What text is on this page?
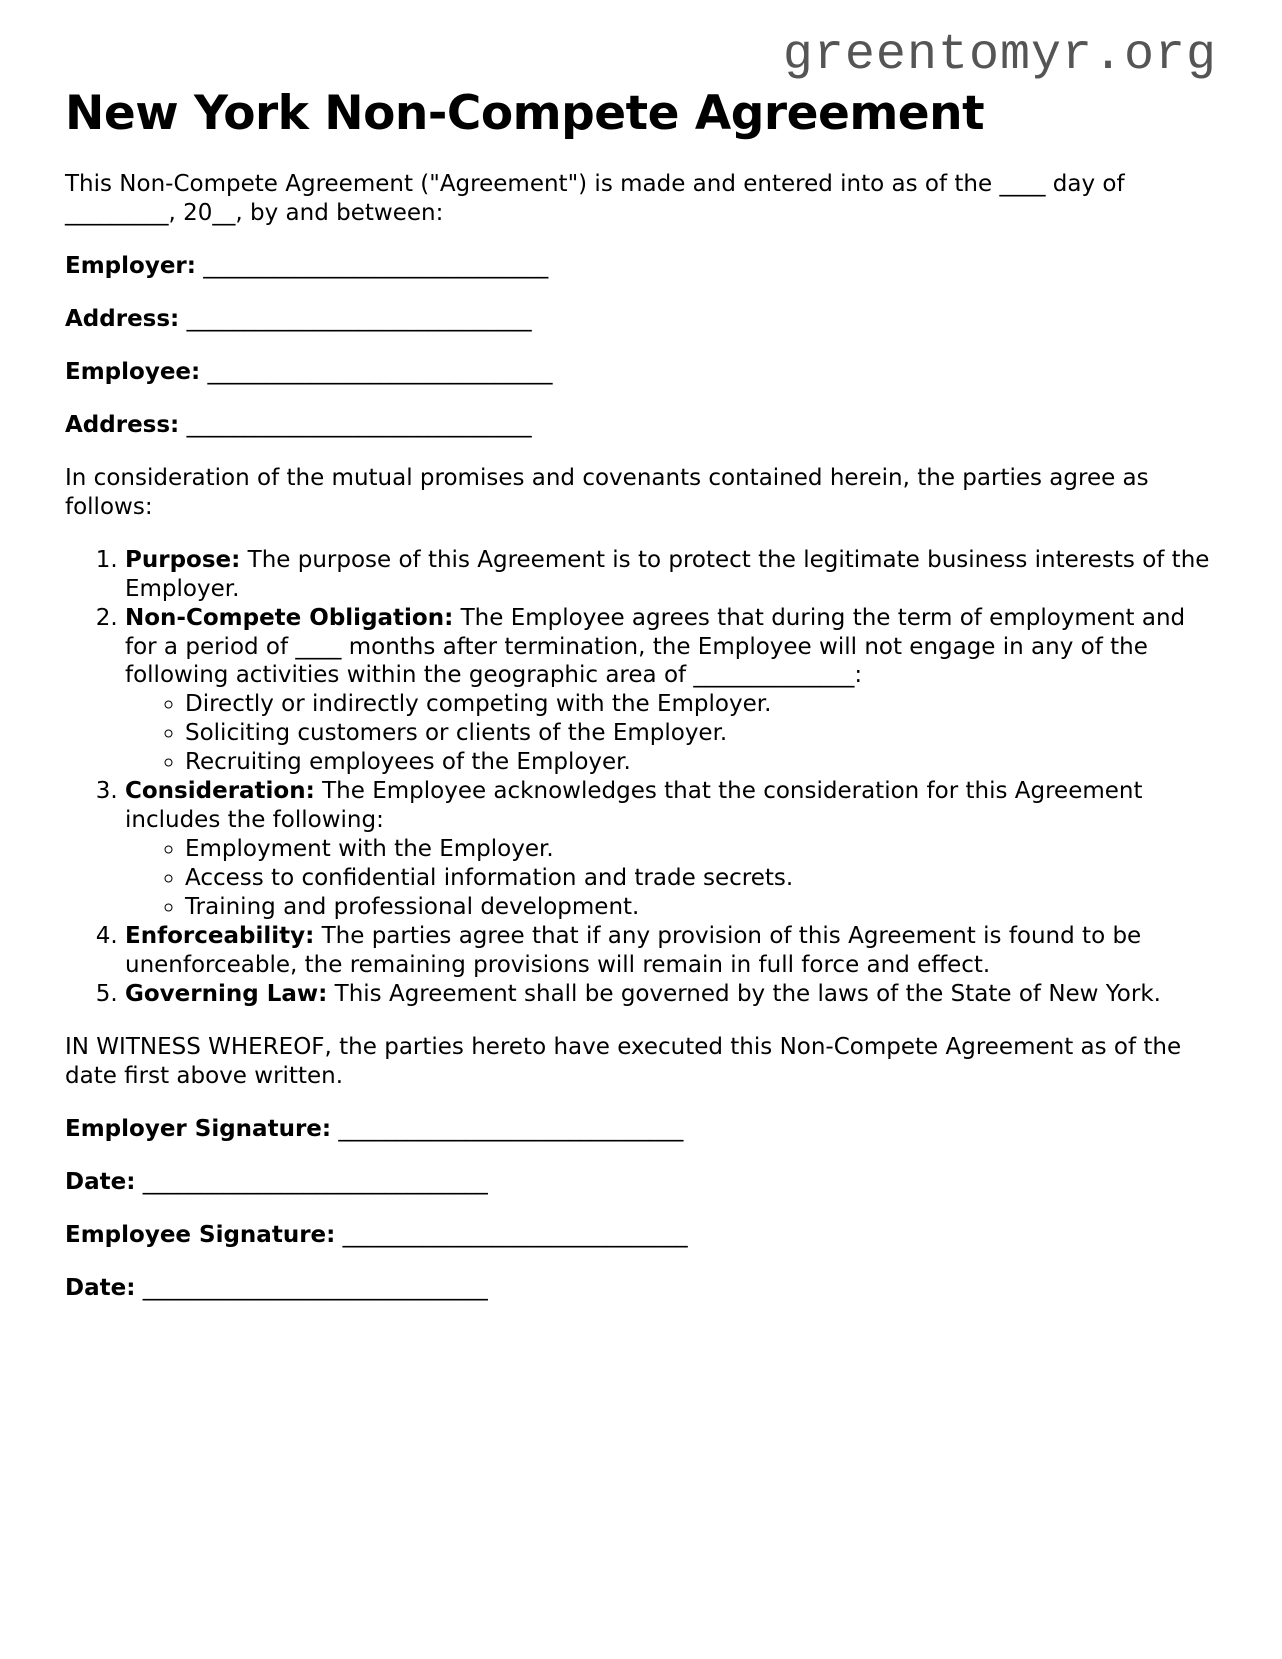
greentomyr.org
New York Non-Compete Agreement

This Non-Compete Agreement ("Agreement") is made and entered into as of the ____ day of _________, 20__, by and between:

Employer: ______________________________

Address: ______________________________

Employee: ______________________________

Address: ______________________________

In consideration of the mutual promises and covenants contained herein, the parties agree as follows:

1. Purpose: The purpose of this Agreement is to protect the legitimate business interests of the Employer.
2. Non-Compete Obligation: The Employee agrees that during the term of employment and for a period of ____ months after termination, the Employee will not engage in any of the following activities within the geographic area of ______________:
◦ Directly or indirectly competing with the Employer.
◦ Soliciting customers or clients of the Employer.
◦ Recruiting employees of the Employer.
3. Consideration: The Employee acknowledges that the consideration for this Agreement includes the following:
◦ Employment with the Employer.
◦ Access to confidential information and trade secrets.
◦ Training and professional development.
4. Enforceability: The parties agree that if any provision of this Agreement is found to be unenforceable, the remaining provisions will remain in full force and effect.
5. Governing Law: This Agreement shall be governed by the laws of the State of New York.

IN WITNESS WHEREOF, the parties hereto have executed this Non-Compete Agreement as of the date first above written.

Employer Signature: ______________________________

Date: ______________________________

Employee Signature: ______________________________

Date: ______________________________
